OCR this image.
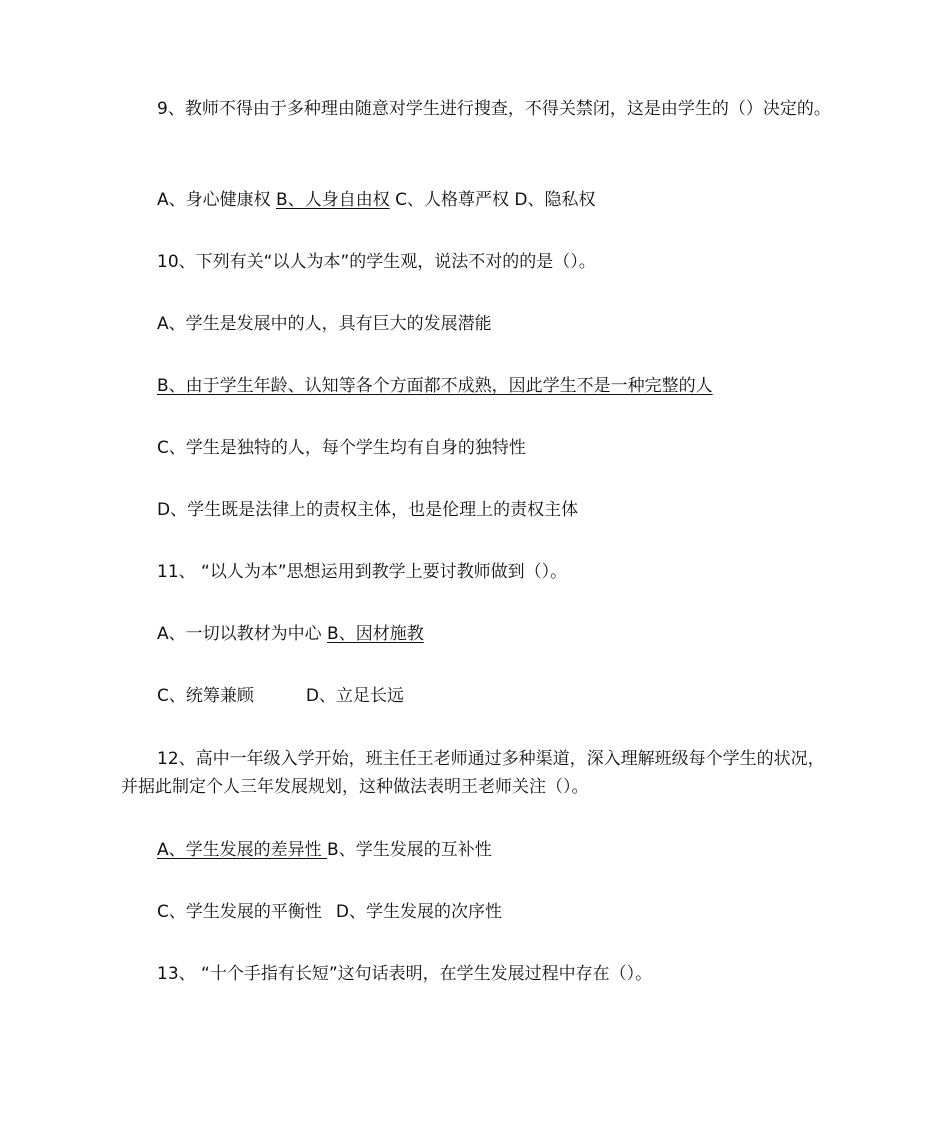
9、教师不得由于多种理由随意对学生进行搜查，不得关禁闭，这是由学生的（）决定的。
A、身心健康权 B、人身自由权 C、人格尊严权 D、隐私权
10、下列有关“以人为本”的学生观，说法不对的的是（）。
A、学生是发展中的人，具有巨大的发展潜能
B、由于学生年龄、认知等各个方面都不成熟，因此学生不是一种完整的人
C、学生是独特的人，每个学生均有自身的独特性
D、学生既是法律上的责权主体，也是伦理上的责权主体
11、 “以人为本”思想运用到教学上要讨教师做到（）。
A、一切以教材为中心 B、因材施教
C、统筹兼顾	D、立足长远
12、高中一年级入学开始，班主任王老师通过多种渠道，深入理解班级每个学生的状况，并据此制定个人三年发展规划，这种做法表明王老师关注（）。
A、学生发展的差异性 B、学生发展的互补性
C、学生发展的平衡性 D、学生发展的次序性
13、 “十个手指有长短”这句话表明，在学生发展过程中存在（）。
